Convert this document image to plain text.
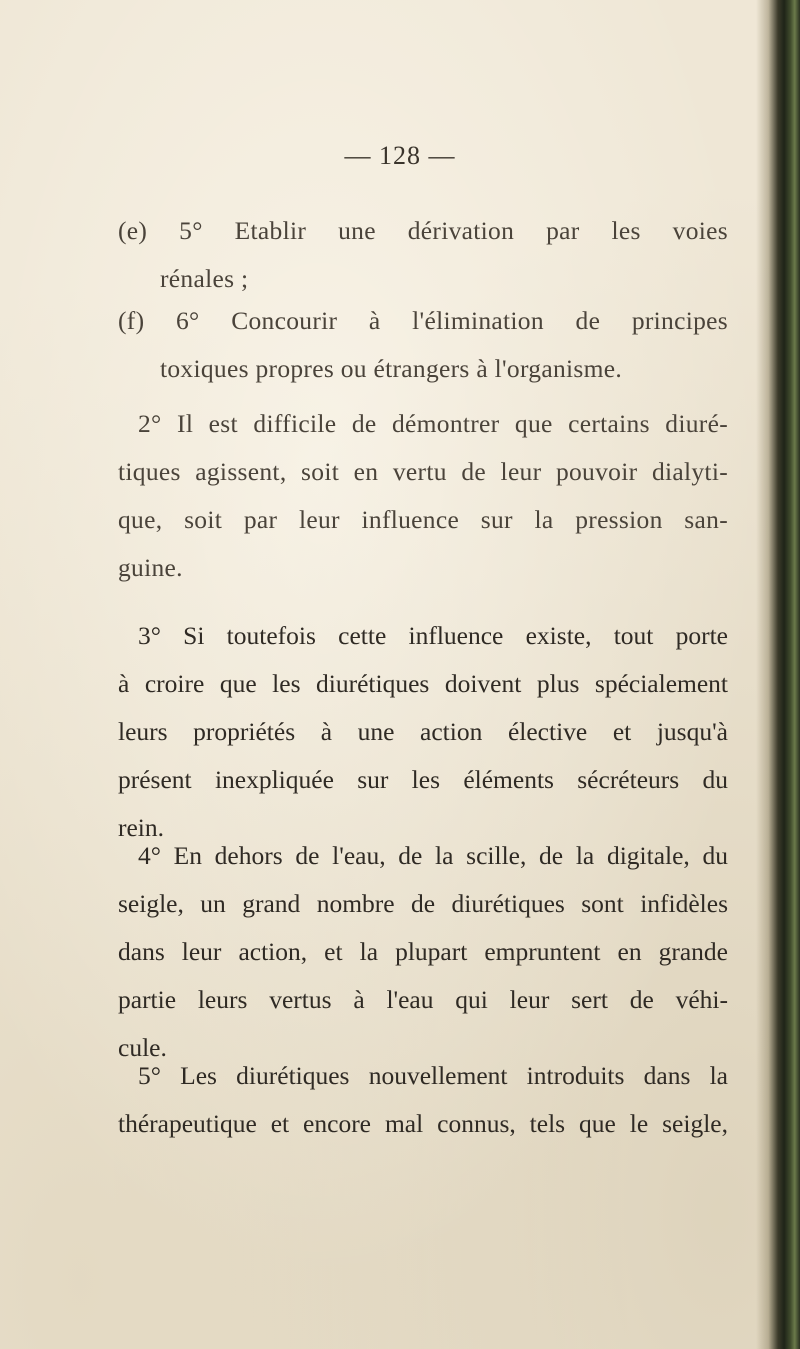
— 128 —
(e) 5° Etablir une dérivation par les voies
rénales ;
(f) 6° Concourir à l'élimination de principes
toxiques propres ou étrangers à l'organisme.
2° Il est difficile de démontrer que certains diuré-
tiques agissent, soit en vertu de leur pouvoir dialyti-
que, soit par leur influence sur la pression san-
guine.
3° Si toutefois cette influence existe, tout porte
à croire que les diurétiques doivent plus spécialement
leurs propriétés à une action élective et jusqu'à
présent inexpliquée sur les éléments sécréteurs du
rein.
4° En dehors de l'eau, de la scille, de la digitale, du
seigle, un grand nombre de diurétiques sont infidèles
dans leur action, et la plupart empruntent en grande
partie leurs vertus à l'eau qui leur sert de véhi-
cule.
5° Les diurétiques nouvellement introduits dans la
thérapeutique et encore mal connus, tels que le seigle,
